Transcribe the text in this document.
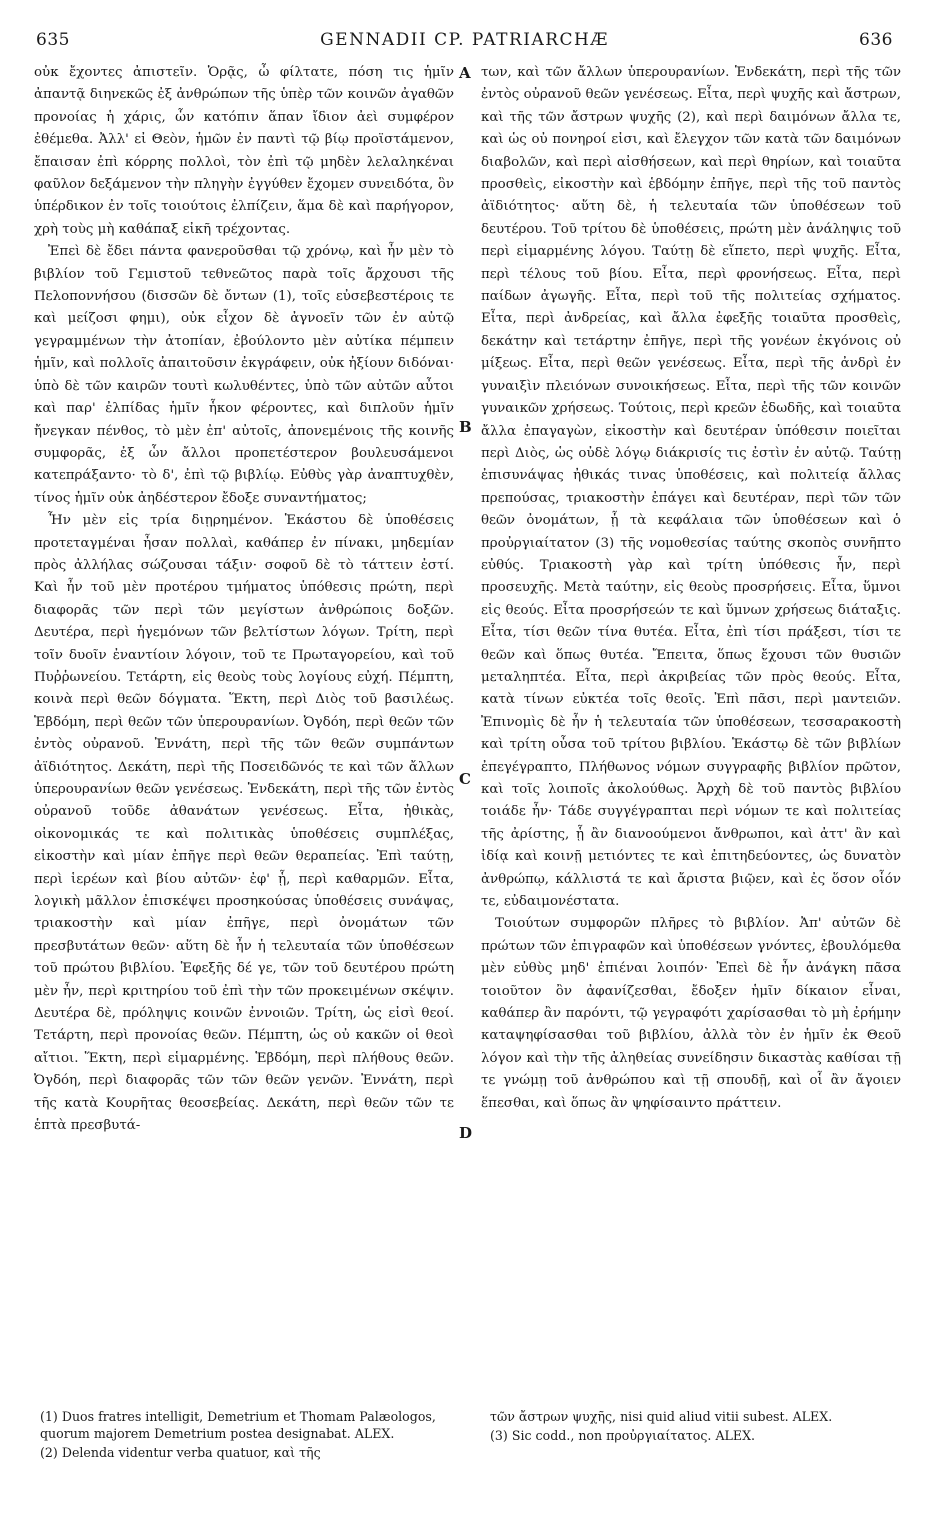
635	GENNADII CP. PATRIARCHÆ	636

οὐκ ἔχοντες ἀπιστεῖν. Ὁρᾷς, ὦ φίλτατε, πόση τις ἡμῖν ἀπαντᾷ διηνεκῶς ἐξ ἀνθρώπων τῆς ὑπὲρ τῶν κοινῶν ἀγαθῶν προνοίας ἡ χάρις, ὧν κατόπιν ἅπαν ἴδιον ἀεὶ συμφέρον ἐθέμεθα. Ἀλλ' εἰ Θεὸν, ἡμῶν ἐν παντὶ τῷ βίῳ προϊστάμενον, ἔπαισαν ἐπὶ κόρρης πολλοὶ, τὸν ἐπὶ τῷ μηδὲν λελαληκέναι φαῦλον δεξάμενον τὴν πληγὴν ἐγγύθεν ἔχομεν συνειδότα, ὃν ὑπέρδικον ἐν τοῖς τοιούτοις ἐλπίζειν, ἅμα δὲ καὶ παρήγορον, χρὴ τοὺς μὴ καθάπαξ εἰκῆ τρέχοντας.

Ἐπεὶ δὲ ἔδει πάντα φανεροῦσθαι τῷ χρόνῳ, καὶ ἦν μὲν τὸ βιβλίον τοῦ Γεμιστοῦ τεθνεῶτος παρὰ τοῖς ἄρχουσι τῆς Πελοποννήσου (δισσῶν δὲ ὄντων (1), τοῖς εὐσεβεστέροις τε καὶ μείζοσι φημι), οὐκ εἶχον δὲ ἀγνοεῖν τῶν ἐν αὐτῷ γεγραμμένων τὴν ἀτοπίαν, ἐβούλοντο μὲν αὐτίκα πέμπειν ἡμῖν, καὶ πολλοῖς ἀπαιτοῦσιν ἐκγράφειν, οὐκ ἠξίουν διδόναι· ὑπὸ δὲ τῶν καιρῶν τουτὶ κωλυθέντες, ὑπὸ τῶν αὐτῶν αὖτοι καὶ παρ' ἐλπίδας ἡμῖν ἧκον φέροντες, καὶ διπλοῦν ἡμῖν ἤνεγκαν πένθος, τὸ μὲν ἐπ' αὐτοῖς, ἀπονεμένοις τῆς κοινῆς συμφορᾶς, ἐξ ὧν ἄλλοι προπετέστερον βουλευσάμενοι κατεπράξαντο· τὸ δ', ἐπὶ τῷ βιβλίῳ. Εὐθὺς γὰρ ἀναπτυχθὲν, τίνος ἡμῖν οὐκ ἀηδέστερον ἔδοξε συναντήματος;

Ἦν μὲν εἰς τρία διῃρημένον. Ἑκάστου δὲ ὑποθέσεις προτεταγμέναι ἦσαν πολλαὶ, καθάπερ ἐν πίνακι, μηδεμίαν πρὸς ἀλλήλας σώζουσαι τάξιν· σοφοῦ δὲ τὸ τάττειν ἐστί. Καὶ ἦν τοῦ μὲν προτέρου τμήματος ὑπόθεσις πρώτη, περὶ διαφορᾶς τῶν περὶ τῶν μεγίστων ἀνθρώποις δοξῶν. Δευτέρα, περὶ ἡγεμόνων τῶν βελτίστων λόγων. Τρίτη, περὶ τοῖν δυοῖν ἐναντίοιν λόγοιν, τοῦ τε Πρωταγορείου, καὶ τοῦ Πυῤῥωνείου. Τετάρτη, εἰς θεοὺς τοὺς λογίους εὐχή. Πέμπτη, κοινὰ περὶ θεῶν δόγματα. Ἕκτη, περὶ Διὸς τοῦ βασιλέως. Ἑβδόμη, περὶ θεῶν τῶν ὑπερουρανίων. Ὀγδόη, περὶ θεῶν τῶν ἐντὸς οὐρανοῦ. Ἐννάτη, περὶ τῆς τῶν θεῶν συμπάντων ἀϊδιότητος. Δεκάτη, περὶ τῆς Ποσειδῶνός τε καὶ τῶν ἄλλων ὑπερουρανίων θεῶν γενέσεως. Ἑνδεκάτη, περὶ τῆς τῶν ἐντὸς οὐρανοῦ τοῦδε ἀθανάτων γενέσεως. Εἶτα, ἠθικὰς, οἰκονομικάς τε καὶ πολιτικὰς ὑποθέσεις συμπλέξας, εἰκοστὴν καὶ μίαν ἐπῆγε περὶ θεῶν θεραπείας. Ἐπὶ ταύτῃ, περὶ ἱερέων καὶ βίου αὐτῶν· ἐφ' ᾗ, περὶ καθαρμῶν. Εἶτα, λογικὴ μᾶλλον ἐπισκέψει προσηκούσας ὑποθέσεις συνάψας, τριακοστὴν καὶ μίαν ἐπῆγε, περὶ ὀνομάτων τῶν πρεσβυτάτων θεῶν· αὕτη δὲ ἦν ἡ τελευταία τῶν ὑποθέσεων τοῦ πρώτου βιβλίου. Ἐφεξῆς δέ γε, τῶν τοῦ δευτέρου πρώτη μὲν ἦν, περὶ κριτηρίου τοῦ ἐπὶ τὴν τῶν προκειμένων σκέψιν. Δευτέρα δὲ, πρόληψις κοινῶν ἐννοιῶν. Τρίτη, ὡς εἰσὶ θεοί. Τετάρτη, περὶ προνοίας θεῶν. Πέμπτη, ὡς οὐ κακῶν οἱ θεοὶ αἴτιοι. Ἕκτη, περὶ εἱμαρμένης. Ἑβδόμη, περὶ πλήθους θεῶν. Ὀγδόη, περὶ διαφορᾶς τῶν τῶν θεῶν γενῶν. Ἐννάτη, περὶ τῆς κατὰ Κουρῆτας θεοσεβείας. Δεκάτη, περὶ θεῶν τῶν τε ἑπτὰ πρεσβυτά-

A
B
C
D

των, καὶ τῶν ἄλλων ὑπερουρανίων. Ἑνδεκάτη, περὶ τῆς τῶν ἐντὸς οὐρανοῦ θεῶν γενέσεως. Εἶτα, περὶ ψυχῆς καὶ ἄστρων, καὶ τῆς τῶν ἄστρων ψυχῆς (2), καὶ περὶ δαιμόνων ἄλλα τε, καὶ ὡς οὐ πονηροί εἰσι, καὶ ἔλεγχον τῶν κατὰ τῶν δαιμόνων διαβολῶν, καὶ περὶ αἰσθήσεων, καὶ περὶ θηρίων, καὶ τοιαῦτα προσθεὶς, εἰκοστὴν καὶ ἑβδόμην ἐπῆγε, περὶ τῆς τοῦ παντὸς ἀϊδιότητος· αὕτη δὲ, ἡ τελευταία τῶν ὑποθέσεων τοῦ δευτέρου. Τοῦ τρίτου δὲ ὑποθέσεις, πρώτη μὲν ἀνάληψις τοῦ περὶ εἱμαρμένης λόγου. Ταύτῃ δὲ εἵπετο, περὶ ψυχῆς. Εἶτα, περὶ τέλους τοῦ βίου. Εἶτα, περὶ φρονήσεως. Εἶτα, περὶ παίδων ἀγωγῆς. Εἶτα, περὶ τοῦ τῆς πολιτείας σχήματος. Εἶτα, περὶ ἀνδρείας, καὶ ἄλλα ἐφεξῆς τοιαῦτα προσθεὶς, δεκάτην καὶ τετάρτην ἐπῆγε, περὶ τῆς γονέων ἐκγόνοις οὐ μίξεως. Εἶτα, περὶ θεῶν γενέσεως. Εἶτα, περὶ τῆς ἀνδρὶ ἐν γυναιξὶν πλειόνων συνοικήσεως. Εἶτα, περὶ τῆς τῶν κοινῶν γυναικῶν χρήσεως. Τούτοις, περὶ κρεῶν ἐδωδῆς, καὶ τοιαῦτα ἄλλα ἐπαγαγὼν, εἰκοστὴν καὶ δευτέραν ὑπόθεσιν ποιεῖται περὶ Διὸς, ὡς οὐδὲ λόγῳ διάκρισίς τις ἐστὶν ἐν αὐτῷ. Ταύτῃ ἐπισυνάψας ἠθικάς τινας ὑποθέσεις, καὶ πολιτείᾳ ἄλλας πρεπούσας, τριακοστὴν ἐπάγει καὶ δευτέραν, περὶ τῶν τῶν θεῶν ὀνομάτων, ᾗ τὰ κεφάλαια τῶν ὑποθέσεων καὶ ὁ προὐργιαίτατον (3) τῆς νομοθεσίας ταύτης σκοπὸς συνῆπτο εὐθύς. Τριακοστὴ γὰρ καὶ τρίτη ὑπόθεσις ἦν, περὶ προσευχῆς. Μετὰ ταύτην, εἰς θεοὺς προσρήσεις. Εἶτα, ὕμνοι εἰς θεούς. Εἶτα προσρήσεών τε καὶ ὕμνων χρήσεως διάταξις. Εἶτα, τίσι θεῶν τίνα θυτέα. Εἶτα, ἐπὶ τίσι πράξεσι, τίσι τε θεῶν καὶ ὅπως θυτέα. Ἔπειτα, ὅπως ἔχουσι τῶν θυσιῶν μεταληπτέα. Εἶτα, περὶ ἀκριβείας τῶν πρὸς θεούς. Εἶτα, κατὰ τίνων εὐκτέα τοῖς θεοῖς. Ἐπὶ πᾶσι, περὶ μαντειῶν. Ἐπινομὶς δὲ ἦν ἡ τελευταία τῶν ὑποθέσεων, τεσσαρακοστὴ καὶ τρίτη οὖσα τοῦ τρίτου βιβλίου. Ἑκάστῳ δὲ τῶν βιβλίων ἐπεγέγραπτο, Πλήθωνος νόμων συγγραφῆς βιβλίον πρῶτον, καὶ τοῖς λοιποῖς ἀκολούθως. Ἀρχὴ δὲ τοῦ παντὸς βιβλίου τοιάδε ἦν· Τάδε συγγέγραπται περὶ νόμων τε καὶ πολιτείας τῆς ἀρίστης, ᾗ ἂν διανοούμενοι ἄνθρωποι, καὶ ἀττ' ἂν καὶ ἰδίᾳ καὶ κοινῇ μετιόντες τε καὶ ἐπιτηδεύοντες, ὡς δυνατὸν ἀνθρώπῳ, κάλλιστά τε καὶ ἄριστα βιῷεν, καὶ ἐς ὅσον οἷόν τε, εὐδαιμονέστατα.

Τοιούτων συμφορῶν πλῆρες τὸ βιβλίον. Ἀπ' αὐτῶν δὲ πρώτων τῶν ἐπιγραφῶν καὶ ὑποθέσεων γνόντες, ἐβουλόμεθα μὲν εὐθὺς μηδ' ἐπιέναι λοιπόν· Ἐπεὶ δὲ ἦν ἀνάγκη πᾶσα τοιοῦτον ὂν ἀφανίζεσθαι, ἔδοξεν ἡμῖν δίκαιον εἶναι, καθάπερ ἂν παρόντι, τῷ γεγραφότι χαρίσασθαι τὸ μὴ ἐρήμην καταψηφίσασθαι τοῦ βιβλίου, ἀλλὰ τὸν ἐν ἡμῖν ἐκ Θεοῦ λόγον καὶ τὴν τῆς ἀληθείας συνείδησιν δικαστὰς καθίσαι τῇ τε γνώμῃ τοῦ ἀνθρώπου καὶ τῇ σπουδῇ, καὶ οἷ ἂν ἄγοιεν ἕπεσθαι, καὶ ὅπως ἂν ψηφίσαιντο πράττειν.

(1) Duos fratres intelligit, Demetrium et Thomam Palæologos, quorum majorem Demetrium postea designabat. ALEX.

(2) Delenda videntur verba quatuor, καὶ τῆς

τῶν ἄστρων ψυχῆς, nisi quid aliud vitii subest. ALEX.

(3) Sic codd., non προὐργιαίτατος. ALEX.
